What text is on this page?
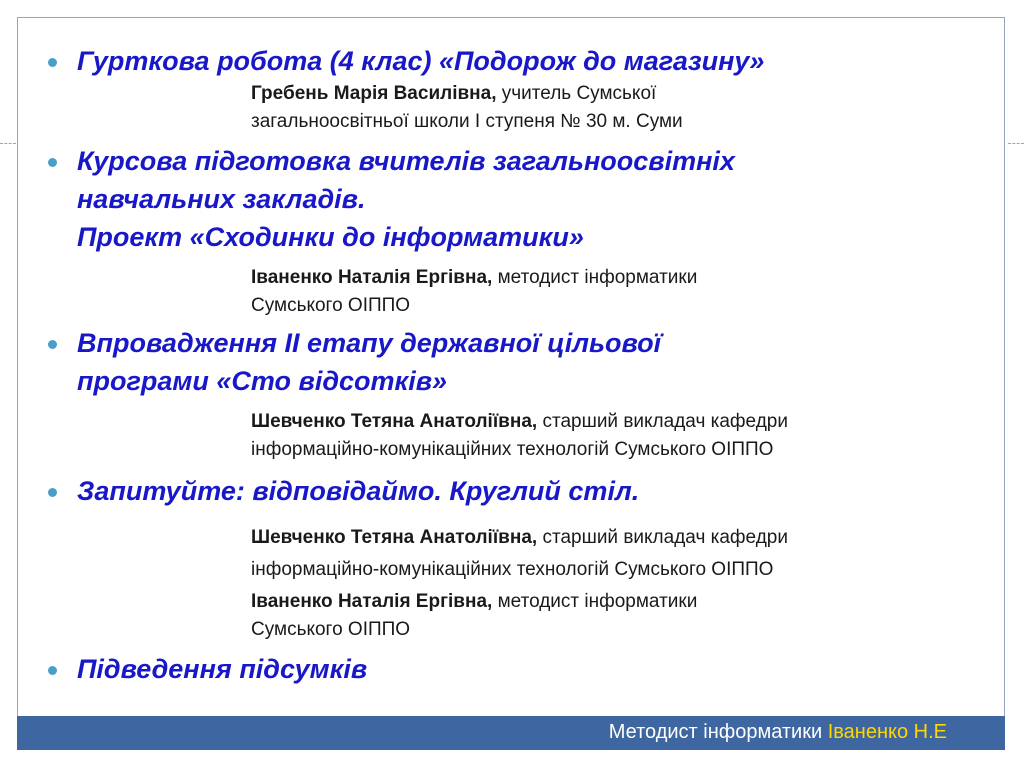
Гурткова робота (4 клас) «Подорож до магазину»
Гребень Марія Василівна, учитель Сумської
загальноосвітньої школи І ступеня № 30 м. Суми
Курсова підготовка вчителів загальноосвітніх
навчальних закладів.
Проект «Сходинки до інформатики»
Іваненко Наталія Ергівна, методист інформатики
Сумського ОІППО
Впровадження ІІ етапу державної цільової
програми «Сто відсотків»
Шевченко Тетяна Анатоліївна, старший викладач кафедри
інформаційно-комунікаційних технологій Сумського ОІППО
Запитуйте: відповідаймо. Круглий стіл.
Шевченко Тетяна Анатоліївна, старший викладач кафедри
інформаційно-комунікаційних технологій Сумського ОІППО
Іваненко Наталія Ергівна, методист інформатики
Сумського ОІППО
Підведення підсумків
Методист інформатики Іваненко Н.Е
